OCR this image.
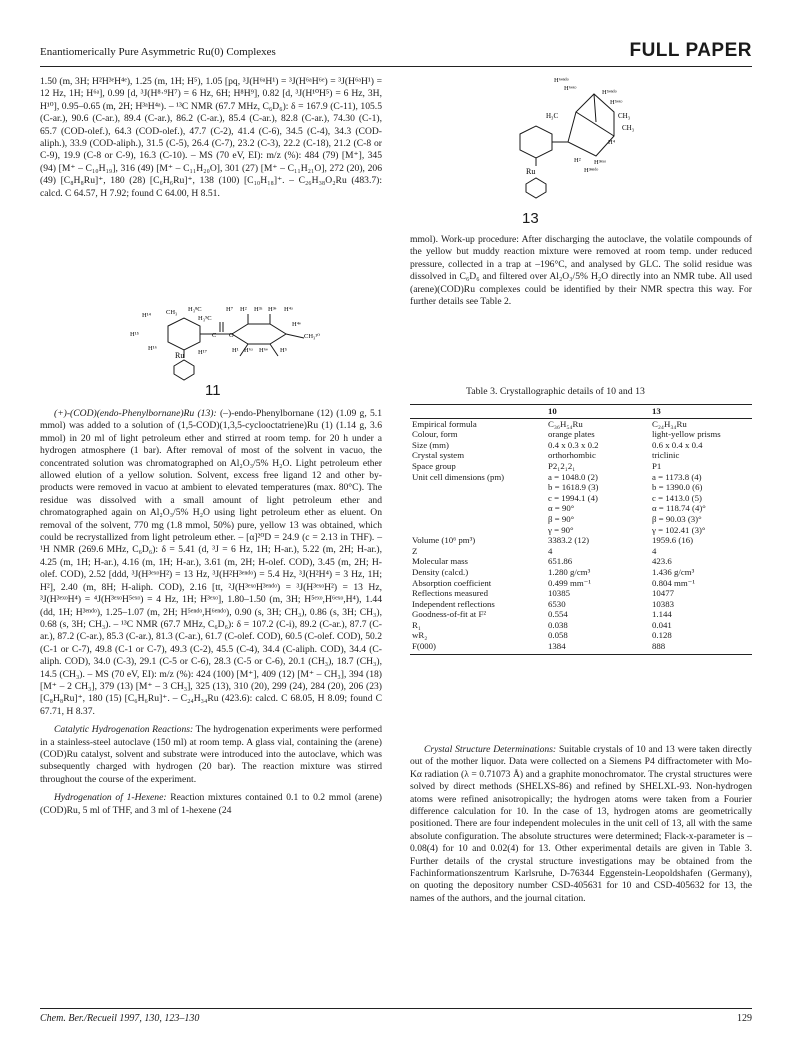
Enantiomerically Pure Asymmetric Ru(0) Complexes	FULL PAPER

1.50 (m, 3H; H²H³ᵉH⁴ᵉ), 1.25 (m, 1H; H⁵), 1.05 [pq, ³J(H⁶ᵃH¹) = ³J(H⁶ᵃH⁶ᵉ) = ³J(H⁶ᵃH¹) = 12 Hz, 1H; H⁶ᵃ], 0.99 [d, ³J(H⁸·⁹H⁷) = 6 Hz, 6H; H⁸H⁹], 0.82 [d, ³J(H¹⁰H⁵) = 6 Hz, 3H, H¹⁰], 0.95–0.65 (m, 2H; H³ᵃH⁴ᵃ). – ¹³C NMR (67.7 MHz, C₆D₆): δ = 167.9 (C-11), 105.5 (C-ar.), 90.6 (C-ar.), 89.4 (C-ar.), 86.2 (C-ar.), 85.4 (C-ar.), 82.8 (C-ar.), 74.30 (C-1), 65.7 (COD-olef.), 64.3 (COD-olef.), 47.7 (C-2), 41.4 (C-6), 34.5 (C-4), 34.3 (COD-aliph.), 33.9 (COD-aliph.), 31.5 (C-5), 26.4 (C-7), 23.2 (C-3), 22.2 (C-18), 21.2 (C-8 or C-9), 19.9 (C-8 or C-9), 16.3 (C-10). – MS (70 eV, EI): m/z (%): 484 (79) [M⁺], 345 (94) [M⁺ – C₁₀H₁₉], 316 (49) [M⁺ – C₁₁H₂₀O], 301 (27) [M⁺ – C₁₁H₂₁O], 272 (20), 206 (49) [C₈H₈Ru]⁺, 180 (28) [C₆H₆Ru]⁺, 138 (100) [C₁₀H₁₈]⁺. – C₂₆H₃₈O₂Ru (483.7): calcd. C 64.57, H 7.92; found C 64.00, H 8.51.

H¹⁴ CH₃ H₃⁸C
H₃⁹C
H⁷ H² H³ᵃ H³ᵉ H⁴ᵃ
H⁴ᵉ
CH₃¹⁰
H¹⁵	C O
H¹⁶
H¹⁷	H¹ H⁶ᵃ H⁶ᵉ H⁵
Ru
11

(+)-(COD)(endo-Phenylbornane)Ru (13): (–)-endo-Phenylbornane (12) (1.09 g, 5.1 mmol) was added to a solution of (1,5-COD)(1,3,5-cyclooctatriene)Ru (1) (1.14 g, 3.6 mmol) in 20 ml of light petroleum ether and stirred at room temp. for 20 h under a hydrogen atmosphere (1 bar). After removal of most of the solvent in vacuo, the concentrated solution was chromatographed on Al₂O₃/5% H₂O. Light petroleum ether allowed elution of a yellow solution. Solvent, excess free ligand 12 and other by-products were removed in vacuo at ambient to elevated temperatures (max. 80°C). The residue was dissolved with a small amount of light petroleum ether and chromatographed again on Al₂O₃/5% H₂O using light petroleum ether as eluent. On removal of the solvent, 770 mg (1.8 mmol, 50%) pure, yellow 13 was obtained, which could be recrystallized from light petroleum ether. – [α]²⁰D = 24.9 (c = 2.13 in THF). – ¹H NMR (269.6 MHz, C₆D₆): δ = 5.41 (d, ³J = 6 Hz, 1H; H-ar.), 5.22 (m, 2H; H-ar.), 4.25 (m, 1H; H-ar.), 4.16 (m, 1H; H-ar.), 3.61 (m, 2H; H-olef. COD), 3.45 (m, 2H; H-olef. COD), 2.52 [ddd, ³J(H³ᵉˣᵒH²) = 13 Hz, ³J(H²H³ᵉⁿᵈᵒ) = 5.4 Hz, ³J(H²H⁴) = 3 Hz, 1H; H²], 2.40 (m, 8H; H-aliph. COD), 2.16 [tt, ²J(H³ᵉˣᵒH³ᵉⁿᵈᵒ) = ³J(H³ᵉˣᵒH²) = 13 Hz, ³J(H³ᵉˣᵒH⁴) = ⁴J(H³ᵉˣᵒH⁵ᵉˣᵒ) = 4 Hz, 1H; H³ᵉˣᵒ], 1.80–1.50 (m, 3H; H⁵ᵉˣᵒ,H⁶ᵉˣᵒ,H⁴), 1.44 (dd, 1H; H³ᵉⁿᵈᵒ), 1.25–1.07 (m, 2H; H⁵ᵉⁿᵈᵒ,H⁶ᵉⁿᵈᵒ), 0.90 (s, 3H; CH₃), 0.86 (s, 3H; CH₃), 0.68 (s, 3H; CH₃). – ¹³C NMR (67.7 MHz, C₆D₆): δ = 107.2 (C-i), 89.2 (C-ar.), 87.7 (C-ar.), 87.2 (C-ar.), 85.3 (C-ar.), 81.3 (C-ar.), 61.7 (C-olef. COD), 60.5 (C-olef. COD), 50.2 (C-1 or C-7), 49.8 (C-1 or C-7), 49.3 (C-2), 45.5 (C-4), 34.4 (C-aliph. COD), 34.4 (C-aliph. COD), 34.0 (C-3), 29.1 (C-5 or C-6), 28.3 (C-5 or C-6), 20.1 (CH₃), 18.7 (CH₃), 14.5 (CH₃). – MS (70 eV, EI): m/z (%): 424 (100) [M⁺], 409 (12) [M⁺ – CH₃], 394 (18) [M⁺ – 2 CH₃], 379 (13) [M⁺ – 3 CH₃], 325 (13), 310 (20), 299 (24), 284 (20), 206 (23) [C₈H₈Ru]⁺, 180 (15) [C₆H₆Ru]⁺. – C₂₄H₃₄Ru (423.6): calcd. C 68.05, H 8.09; found C 67.71, H 8.37.

Catalytic Hydrogenation Reactions: The hydrogenation experiments were performed in a stainless-steel autoclave (150 ml) at room temp. A glass vial, containing the (arene)(COD)Ru catalyst, solvent and substrate were introduced into the autoclave, which was subsequently charged with hydrogen (20 bar). The reaction mixture was stirred throughout the course of the experiment.

Hydrogenation of 1-Hexene: Reaction mixtures contained 0.1 to 0.2 mmol (arene)(COD)Ru, 5 ml of THF, and 3 ml of 1-hexene (24

H⁶ᵉⁿᵈᵒ
H⁶ᵉˣᵒ
H⁵ᵉⁿᵈᵒ
H⁵ᵉˣᵒ
H₃C	CH₃
CH₃
H⁴
H² H³ᵉˣᵒ
H³ᵉⁿᵈᵒ
Ru
13

mmol). Work-up procedure: After discharging the autoclave, the volatile compounds of the yellow but muddy reaction mixture were removed at room temp. under reduced pressure, collected in a trap at –196°C, and analysed by GLC. The solid residue was dissolved in C₆D₆ and filtered over Al₂O₃/5% H₂O directly into an NMR tube. All used (arene)(COD)Ru complexes could be identified by their NMR spectra this way. For further details see Table 2.

Table 3. Crystallographic details of 10 and 13
	10	13
Empirical formula	C₃₆H₅₄Ru	C₂₄H₃₄Ru
Colour, form	orange plates	light-yellow prisms
Size (mm)	0.4 x 0.3 x 0.2	0.6 x 0.4 x 0.4
Crystal system	orthorhombic	triclinic
Space group	P2₁2₁2₁	P1
Unit cell dimensions (pm)	a = 1048.0 (2)	a = 1173.8 (4)
	b = 1618.9 (3)	b = 1390.0 (6)
	c = 1994.1 (4)	c = 1413.0 (5)
	α = 90°	α = 118.74 (4)°
	β = 90°	β = 90.03 (3)°
	γ = 90°	γ = 102.41 (3)°
Volume (10⁶ pm³)	3383.2 (12)	1959.6 (16)
Z	4	4
Molecular mass	651.86	423.6
Density (calcd.)	1.280 g/cm³	1.436 g/cm³
Absorption coefficient	0.499 mm⁻¹	0.804 mm⁻¹
Reflections measured	10385	10477
Independent reflections	6530	10383
Goodness-of-fit at F²	0.554	1.144
R₁	0.038	0.041
wR₂	0.058	0.128
F(000)	1384	888

Crystal Structure Determinations: Suitable crystals of 10 and 13 were taken directly out of the mother liquor. Data were collected on a Siemens P4 diffractometer with Mo-Kα radiation (λ = 0.71073 Å) and a graphite monochromator. The crystal structures were solved by direct methods (SHELXS-86) and refined by SHELXL-93. Non-hydrogen atoms were refined anisotropically; the hydrogen atoms were taken from a Fourier difference calculation for 10. In the case of 13, hydrogen atoms are geometrically positioned. There are four independent molecules in the unit cell of 13, all with the same absolute configuration. The absolute structures were determined; Flack-x-parameter is –0.08(4) for 10 and 0.02(4) for 13. Other experimental details are given in Table 3. Further details of the crystal structure investigations may be obtained from the Fachinformationszentrum Karlsruhe, D-76344 Eggenstein-Leopoldshafen (Germany), on quoting the depository number CSD-405631 for 10 and CSD-405632 for 13, the names of the authors, and the journal citation.

Chem. Ber./Recueil 1997, 130, 123–130	129
